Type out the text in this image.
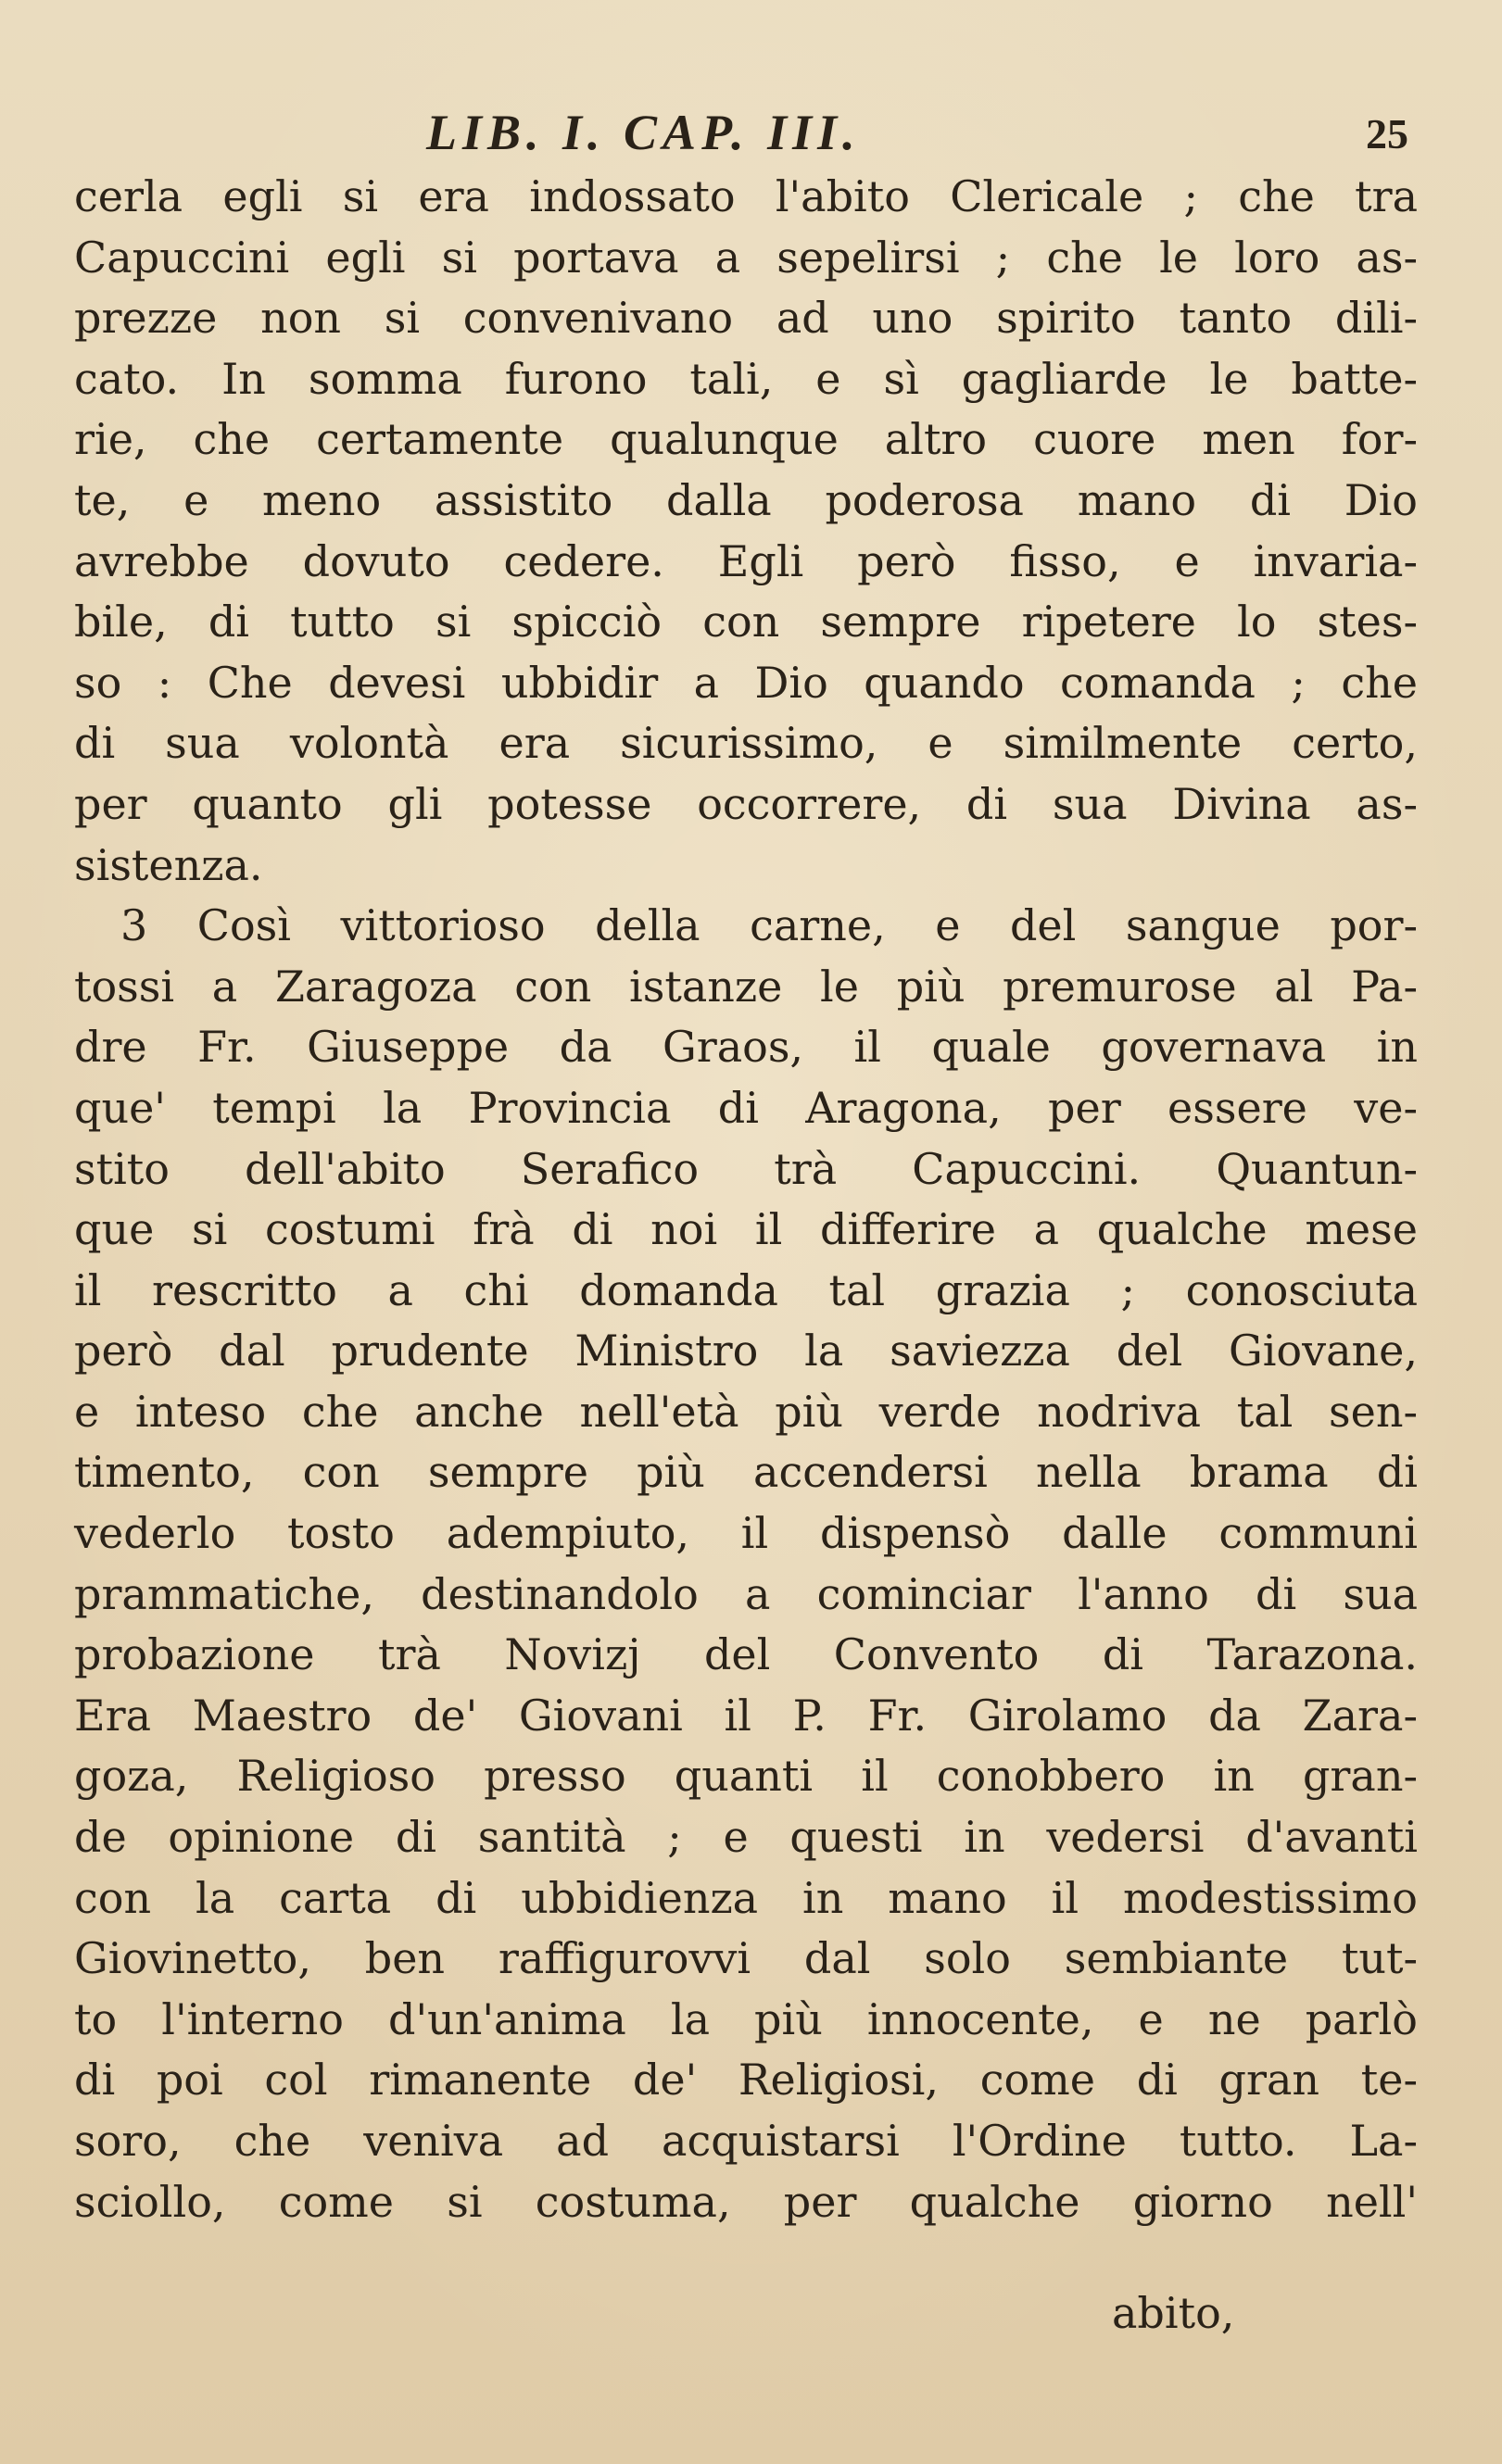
LIB. I. CAP. III.	25
cerla egli si era indossato l'abito Clericale ; che tra
Capuccini egli si portava a sepelirsi ; che le loro as-
prezze non si convenivano ad uno spirito tanto dili-
cato. In somma furono tali, e sì gagliarde le batte-
rie, che certamente qualunque altro cuore men for-
te, e meno assistito dalla poderosa mano di Dio
avrebbe dovuto cedere. Egli però fisso, e invaria-
bile, di tutto si spicciò con sempre ripetere lo stes-
so : Che devesi ubbidir a Dio quando comanda ; che
di sua volontà era sicurissimo, e similmente certo,
per quanto gli potesse occorrere, di sua Divina as-
sistenza.
3 Così vittorioso della carne, e del sangue por-
tossi a Zaragoza con istanze le più premurose al Pa-
dre Fr. Giuseppe da Graos, il quale governava in
que' tempi la Provincia di Aragona, per essere ve-
stito dell'abito Serafico trà Capuccini. Quantun-
que si costumi frà di noi il differire a qualche mese
il rescritto a chi domanda tal grazia ; conosciuta
però dal prudente Ministro la saviezza del Giovane,
e inteso che anche nell'età più verde nodriva tal sen-
timento, con sempre più accendersi nella brama di
vederlo tosto adempiuto, il dispensò dalle communi
prammatiche, destinandolo a cominciar l'anno di sua
probazione trà Novizj del Convento di Tarazona.
Era Maestro de' Giovani il P. Fr. Girolamo da Zara-
goza, Religioso presso quanti il conobbero in gran-
de opinione di santità ; e questi in vedersi d'avanti
con la carta di ubbidienza in mano il modestissimo
Giovinetto, ben raffigurovvi dal solo sembiante tut-
to l'interno d'un'anima la più innocente, e ne parlò
di poi col rimanente de' Religiosi, come di gran te-
soro, che veniva ad acquistarsi l'Ordine tutto. La-
sciollo, come si costuma, per qualche giorno nell'
abito,
